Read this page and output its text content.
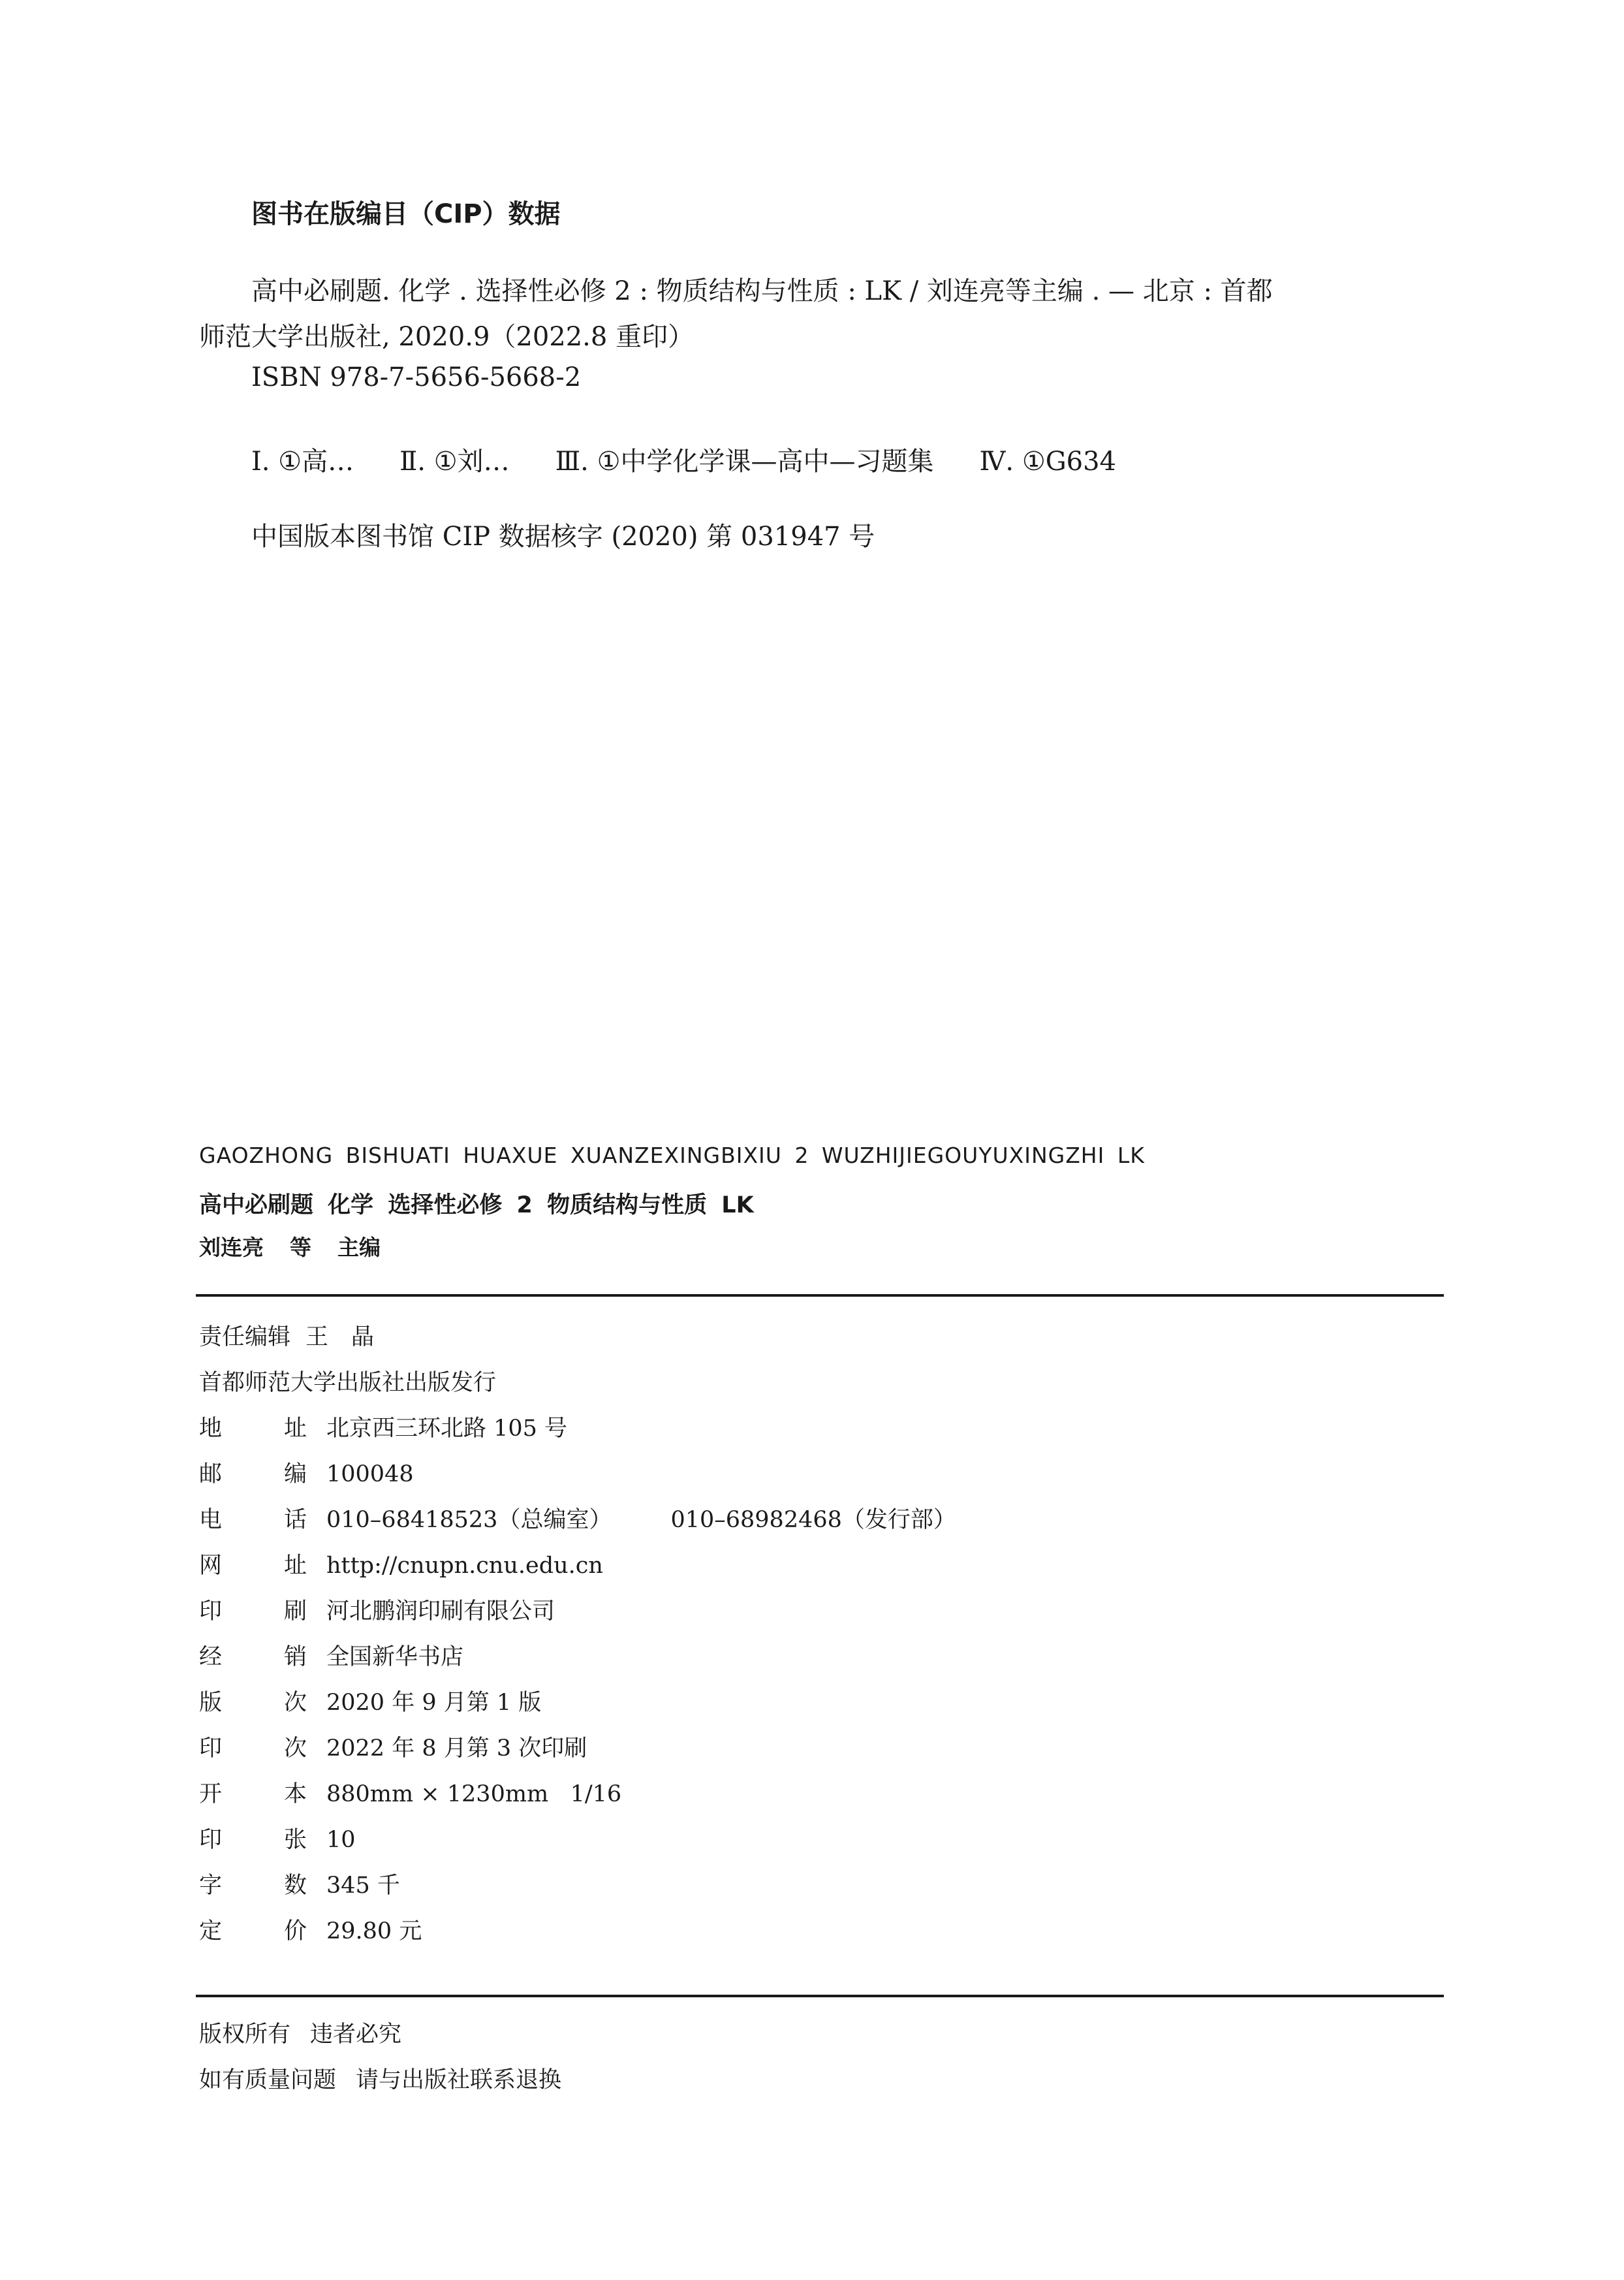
图书在版编目（CIP）数据
高中必刷题. 化学 . 选择性必修 2 : 物质结构与性质 : LK / 刘连亮等主编 . — 北京 : 首都
师范大学出版社, 2020.9（2022.8 重印）
ISBN 978-7-5656-5668-2
Ⅰ. ①高… Ⅱ. ①刘… Ⅲ. ①中学化学课—高中—习题集 Ⅳ. ①G634
中国版本图书馆 CIP 数据核字 (2020) 第 031947 号
GAOZHONG BISHUATI HUAXUE XUANZEXINGBIXIU 2 WUZHIJIEGOUYUXINGZHI LK
高中必刷题 化学 选择性必修 2 物质结构与性质 LK
刘连亮 等 主编
责任编辑 王　晶
首都师范大学出版社出版发行
地	址 北京西三环北路 105 号
邮	编 100048
电	话 010–68418523（总编室）	010–68982468（发行部）
网	址 http://cnupn.cnu.edu.cn
印	刷 河北鹏润印刷有限公司
经	销 全国新华书店
版	次 2020 年 9 月第 1 版
印	次 2022 年 8 月第 3 次印刷
开	本 880mm × 1230mm   1/16
印	张 10
字	数 345 千
定	价 29.80 元
版权所有 违者必究
如有质量问题 请与出版社联系退换
